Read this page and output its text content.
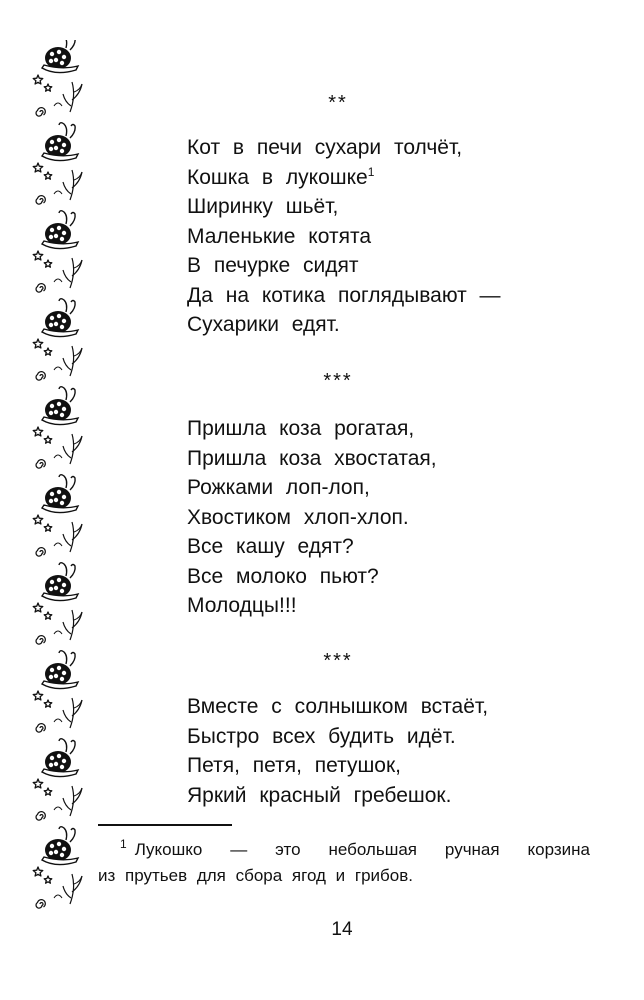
**
Кот в печи сухари толчёт,
Кошка в лукошке$^1$
Ширинку шьёт,
Маленькие котята
В печурке сидят
Да на котика поглядывают —
Сухарики едят.
***
Пришла коза рогатая,
Пришла коза хвостатая,
Рожками лоп-лоп,
Хвостиком хлоп-хлоп.
Все кашу едят?
Все молоко пьют?
Молодцы!!!
***
Вместе с солнышком встаёт,
Быстро всех будить идёт.
Петя, петя, петушок,
Яркий красный гребешок.
$^1$ Лукошко — это небольшая ручная корзина
из прутьев для сбора ягод и грибов.
14
